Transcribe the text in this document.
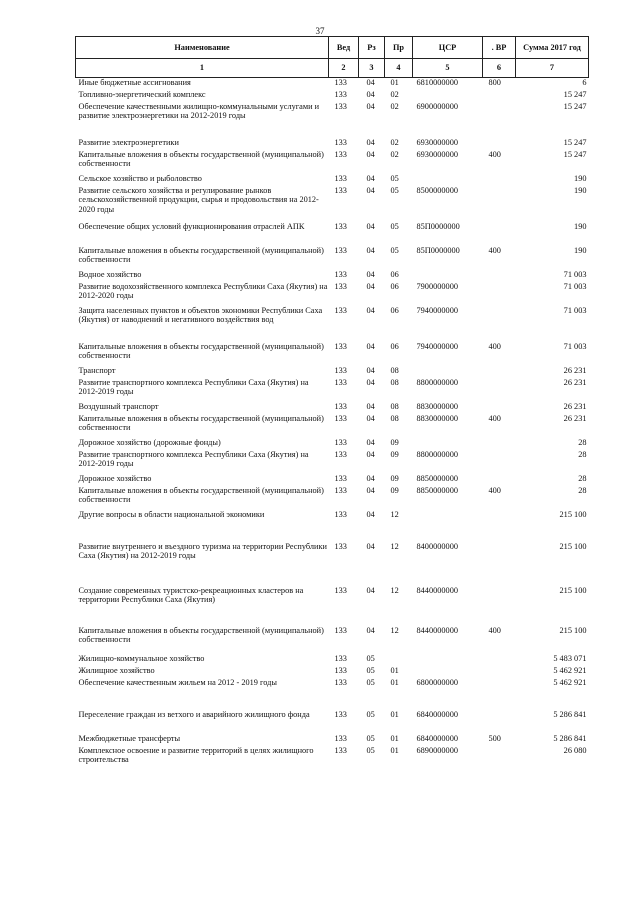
37
Наименование	Вед	Рз	Пр	ЦСР	. ВР	Сумма 2017 год
1	2	3	4	5	6	7
Иные бюджетные ассигнования	133	04	01	6810000000	800	6
Топливно-энергетический комплекс	133	04	02			15 247
Обеспечение качественными жилищно-коммунальными услугами и развитие электроэнергетики на 2012-2019 годы	133	04	02	6900000000		15 247
Развитие электроэнергетики	133	04	02	6930000000		15 247
Капитальные вложения в объекты государственной (муниципальной) собственности	133	04	02	6930000000	400	15 247
Сельское хозяйство и рыболовство	133	04	05			190
Развитие сельского хозяйства и регулирование рынков сельскохозяйственной продукции, сырья и продовольствия на 2012-2020 годы	133	04	05	8500000000		190
Обеспечение общих условий функционирования отраслей АПК	133	04	05	85П0000000		190
Капитальные вложения в объекты государственной (муниципальной) собственности	133	04	05	85П0000000	400	190
Водное хозяйство	133	04	06			71 003
Развитие водохозяйственного комплекса Республики Саха (Якутия) на 2012-2020 годы	133	04	06	7900000000		71 003
Защита населенных пунктов и объектов экономики Республики Саха (Якутия) от наводнений и негативного воздействия вод	133	04	06	7940000000		71 003
Капитальные вложения в объекты государственной (муниципальной) собственности	133	04	06	7940000000	400	71 003
Транспорт	133	04	08			26 231
Развитие транспортного комплекса Республики Саха (Якутия) на 2012-2019 годы	133	04	08	8800000000		26 231
Воздушный транспорт	133	04	08	8830000000		26 231
Капитальные вложения в объекты государственной (муниципальной) собственности	133	04	08	8830000000	400	26 231
Дорожное хозяйство (дорожные фонды)	133	04	09			28
Развитие транспортного комплекса Республики Саха (Якутия) на 2012-2019 годы	133	04	09	8800000000		28
Дорожное хозяйство	133	04	09	8850000000		28
Капитальные вложения в объекты государственной (муниципальной) собственности	133	04	09	8850000000	400	28
Другие вопросы в области национальной экономики	133	04	12			215 100
Развитие внутреннего и въездного туризма на территории Республики Саха (Якутия) на 2012-2019 годы	133	04	12	8400000000		215 100
Создание современных туристско-рекреационных кластеров на территории Республики Саха (Якутия)	133	04	12	8440000000		215 100
Капитальные вложения в объекты государственной (муниципальной) собственности	133	04	12	8440000000	400	215 100
Жилищно-коммунальное хозяйство	133	05				5 483 071
Жилищное хозяйство	133	05	01			5 462 921
Обеспечение качественным жильем на 2012 - 2019 годы	133	05	01	6800000000		5 462 921
Переселение граждан из ветхого и аварийного жилищного фонда	133	05	01	6840000000		5 286 841
Межбюджетные трансферты	133	05	01	6840000000	500	5 286 841
Комплексное освоение и развитие территорий в целях жилищного строительства	133	05	01	6890000000		26 080
